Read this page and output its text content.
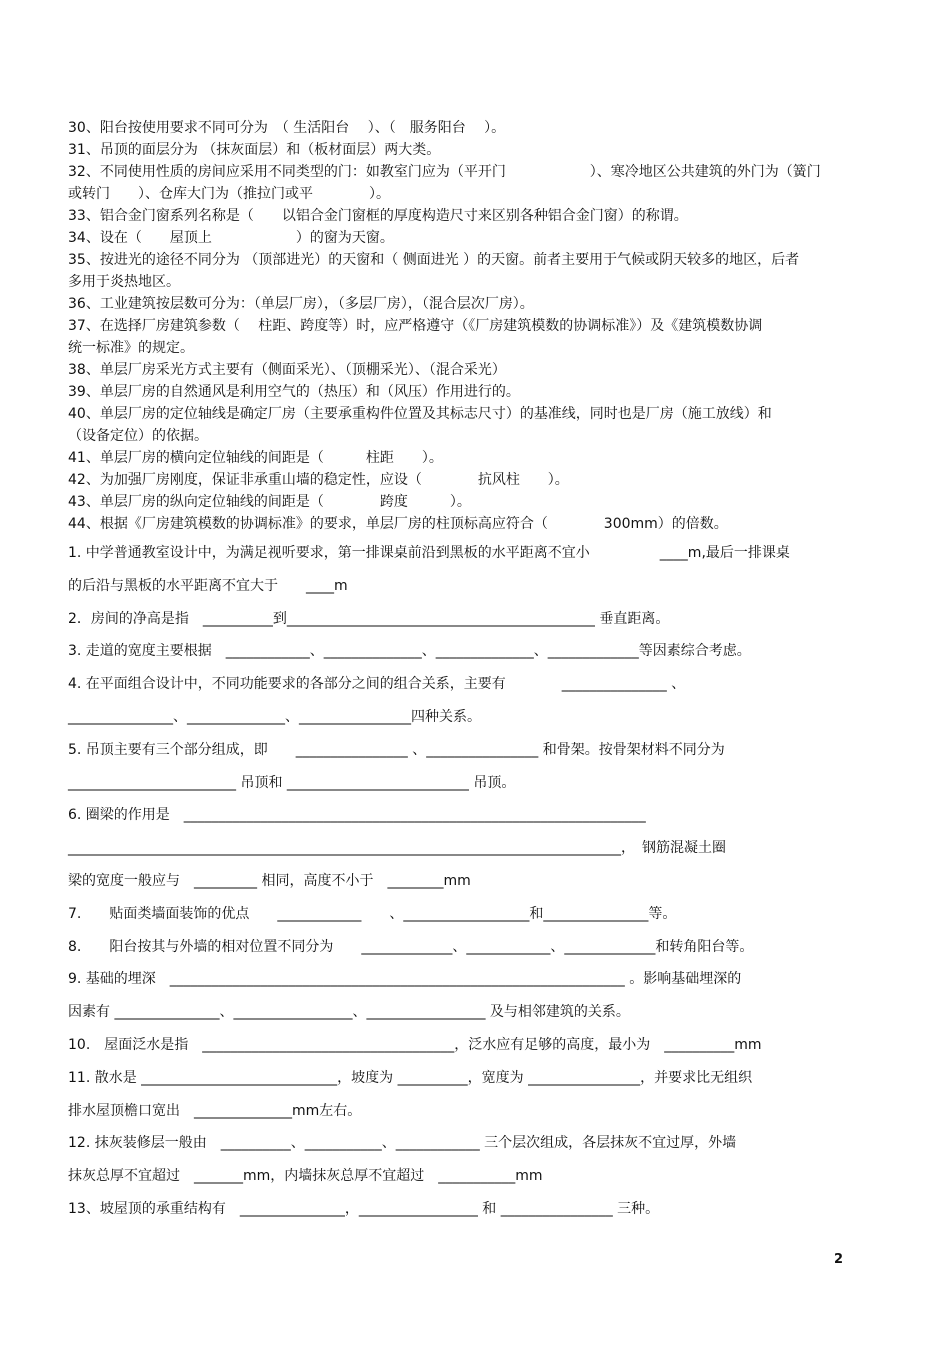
30、阳台按使用要求不同可分为　（ 生活阳台　 ）、（　服务阳台　 ）。
31、吊顶的面层分为 （抹灰面层）和（板材面层）两大类。
32、不同使用性质的房间应采用不同类型的门：如教室门应为（平开门　　　　　　）、寒冷地区公共建筑的外门为（簧门
或转门　　）、仓库大门为（推拉门或平　　　　）。
33、铝合金门窗系列名称是（　　以铝合金门窗框的厚度构造尺寸来区别各种铝合金门窗）的称谓。
34、设在（　　屋顶上　　　　　　）的窗为天窗。
35、按进光的途径不同分为 （顶部进光）的天窗和（ 侧面进光 ）的天窗。前者主要用于气候或阴天较多的地区，后者
多用于炎热地区。
36、工业建筑按层数可分为：（单层厂房），（多层厂房），（混合层次厂房）。
37、在选择厂房建筑参数（　 柱距、跨度等）时，应严格遵守（《厂房建筑模数的协调标准》）及《建筑模数协调
统一标准》的规定。
38、单层厂房采光方式主要有（侧面采光）、（顶棚采光）、（混合采光）
39、单层厂房的自然通风是利用空气的（热压）和（风压）作用进行的。
40、单层厂房的定位轴线是确定厂房（主要承重构件位置及其标志尺寸）的基准线，同时也是厂房（施工放线）和
（设备定位）的依据。
41、单层厂房的横向定位轴线的间距是（　　　柱距　　）。
42、为加强厂房刚度，保证非承重山墙的稳定性，应设（　　　　抗风柱　　）。
43、单层厂房的纵向定位轴线的间距是（　　　　跨度　　　）。
44、根据《厂房建筑模数的协调标准》的要求，单层厂房的柱顶标高应符合（　　　　300mm）的倍数。
1. 中学普通教室设计中，为满足视听要求，第一排课桌前沿到黑板的水平距离不宜小　　　　　____m,最后一排课桌
的后沿与黑板的水平距离不宜大于　　____m
2．房间的净高是指　__________到____________________________________________ 垂直距离。
3. 走道的宽度主要根据　____________、______________、______________、_____________等因素综合考虑。
4. 在平面组合设计中，不同功能要求的各部分之间的组合关系，主要有　　　　_______________ 、
_______________、______________、________________四种关系。
5. 吊顶主要有三个部分组成，即　　________________ 、________________ 和骨架。按骨架材料不同分为
________________________ 吊顶和 __________________________ 吊顶。
6. 圈梁的作用是　__________________________________________________________________
_______________________________________________________________________________，　钢筋混凝土圈
梁的宽度一般应与　_________ 相同，高度不小于　________mm
7.　　贴面类墙面装饰的优点　　____________　　、__________________和_______________等。
8.　　阳台按其与外墙的相对位置不同分为　　_____________、____________、_____________和转角阳台等。
9. 基础的埋深　_________________________________________________________________ 。影响基础埋深的
因素有 _______________、_________________、_________________ 及与相邻建筑的关系。
10.　屋面泛水是指　____________________________________，泛水应有足够的高度，最小为　__________mm
11. 散水是 ____________________________，坡度为 __________，宽度为 ________________，并要求比无组织
排水屋顶檐口宽出　______________mm左右。
12. 抹灰装修层一般由　__________、___________、____________ 三个层次组成，各层抹灰不宜过厚，外墙
抹灰总厚不宜超过　_______mm，内墙抹灰总厚不宜超过　___________mm
13、坡屋顶的承重结构有　_______________，_________________ 和 ________________ 三种。
2
